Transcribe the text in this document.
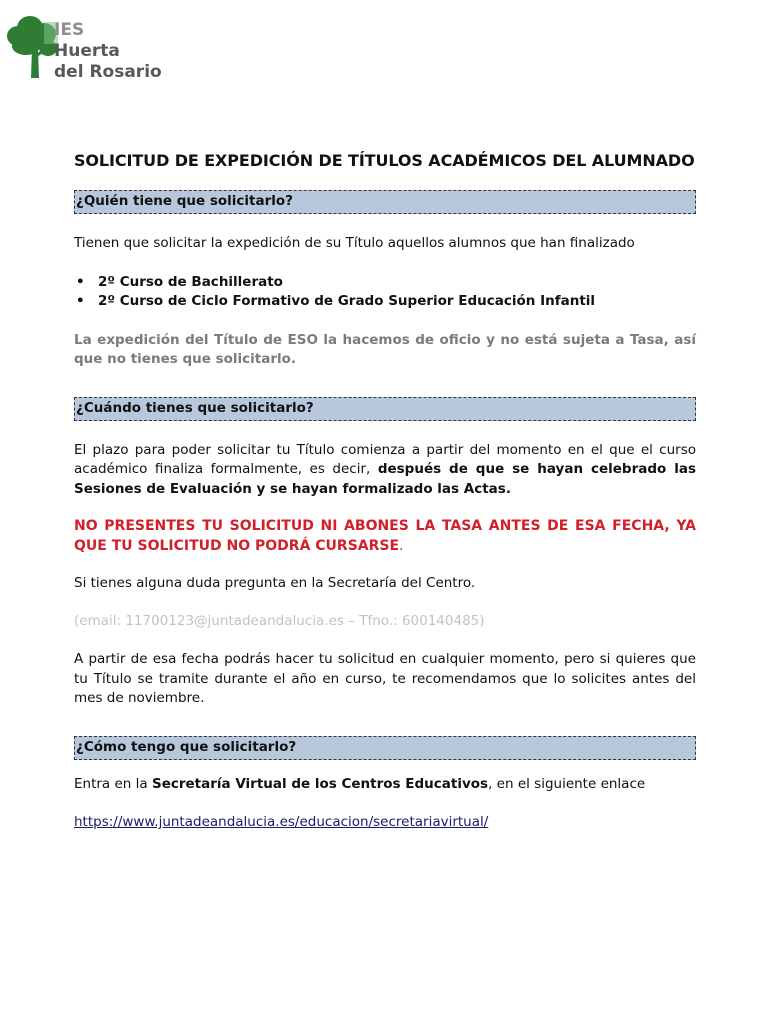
IES
Huerta
del Rosario
SOLICITUD DE EXPEDICIÓN DE TÍTULOS ACADÉMICOS DEL ALUMNADO
¿Quién tiene que solicitarlo?

Tienen que solicitar la expedición de su Título aquellos alumnos que han finalizado

• 2º Curso de Bachillerato
• 2º Curso de Ciclo Formativo de Grado Superior Educación Infantil

La expedición del Título de ESO la hacemos de oficio y no está sujeta a Tasa, así que no tienes que solicitarlo.

¿Cuándo tienes que solicitarlo?

El plazo para poder solicitar tu Título comienza a partir del momento en el que el curso académico finaliza formalmente, es decir, después de que se hayan celebrado las Sesiones de Evaluación y se hayan formalizado las Actas.

NO PRESENTES TU SOLICITUD NI ABONES LA TASA ANTES DE ESA FECHA, YA QUE TU SOLICITUD NO PODRÁ CURSARSE.

Si tienes alguna duda pregunta en la Secretaría del Centro.

(email: 11700123@juntadeandalucia.es – Tfno.: 600140485)

A partir de esa fecha podrás hacer tu solicitud en cualquier momento, pero si quieres que tu Título se tramite durante el año en curso, te recomendamos que lo solicites antes del mes de noviembre.

¿Cómo tengo que solicitarlo?

Entra en la Secretaría Virtual de los Centros Educativos, en el siguiente enlace

https://www.juntadeandalucia.es/educacion/secretariavirtual/
